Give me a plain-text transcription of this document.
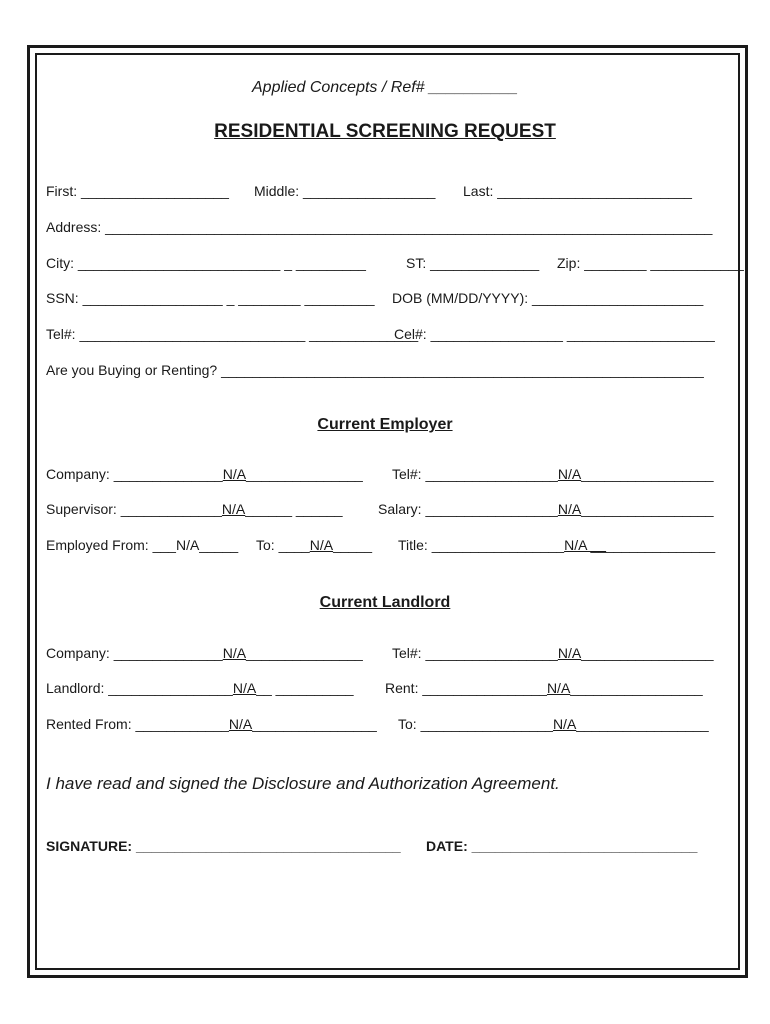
Applied Concepts / Ref# __________
RESIDENTIAL SCREENING REQUEST
First: ___________________ Middle: _________________ Last: _________________________
Address: ______________________________________________________________________________
City: __________________________ _ _________	ST: ______________ Zip: ________ ____________
SSN: __________________ _ ________ _________ DOB (MM/DD/YYYY): ______________________
Tel#: _____________________________ ______________
Cel#: _________________ ___________________
Are you Buying or Renting? ______________________________________________________________
Current Employer
Company: ______________N/A_______________ Tel#: _________________N/A_________________
Supervisor: _____________N/A______ ______	Salary: _________________N/A_________________
Employed From: ___N/A_____ To: ____N/A_____ Title: _________________N/A ________________
Current Landlord
Company: ______________N/A_______________ Tel#: _________________N/A_________________
Landlord: ________________N/A__ __________ Rent: ________________N/A_________________
Rented From: ____________N/A________________ To: _________________N/A_________________
I have read and signed the Disclosure and Authorization Agreement.
SIGNATURE: __________________________________ DATE: _____________________________
